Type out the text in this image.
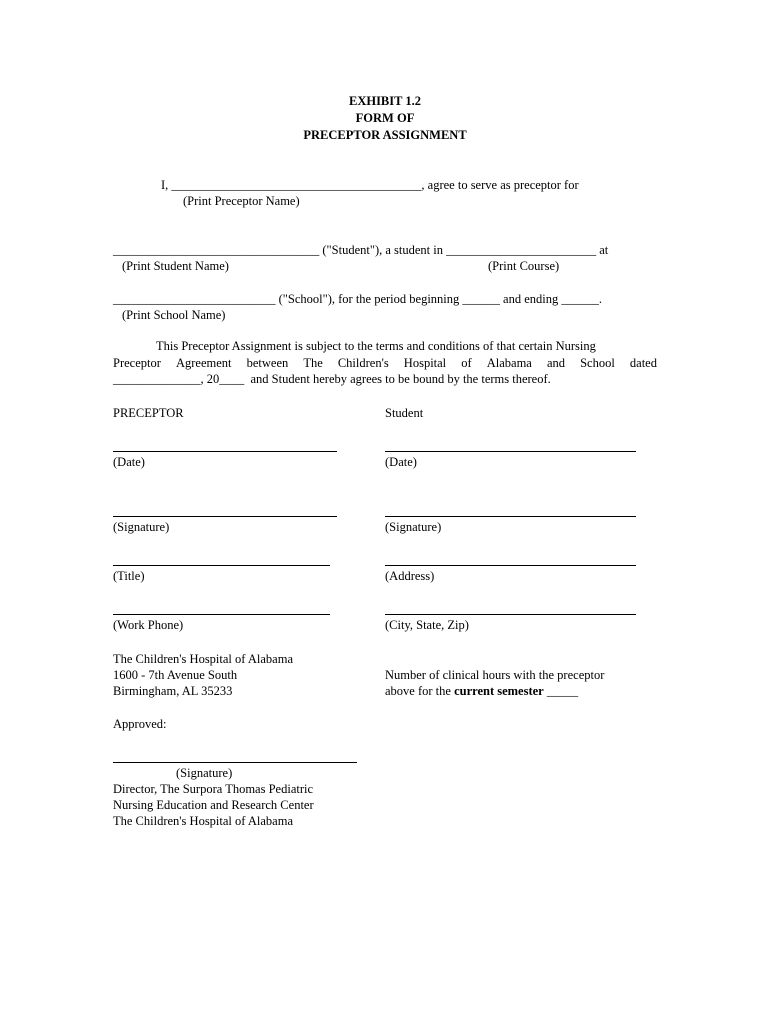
EXHIBIT 1.2
FORM OF
PRECEPTOR ASSIGNMENT
I, ________________________________________, agree to serve as preceptor for
(Print Preceptor Name)
_________________________________ ("Student"), a student in ________________________ at
(Print Student Name)	(Print Course)
__________________________ ("School"), for the period beginning ______ and ending ______.
(Print School Name)
This Preceptor Assignment is subject to the terms and conditions of that certain Nursing
Preceptor Agreement between The Children's Hospital of Alabama and School dated
______________, 20____  and Student hereby agrees to be bound by the terms thereof.
PRECEPTOR	Student
(Date)
(Signature)
(Title)
(Work Phone)
(Date)
(Signature)
(Address)
(City, State, Zip)
The Children's Hospital of Alabama
1600 - 7th Avenue South
Birmingham, AL 35233
Number of clinical hours with the preceptor
above for the current semester _____
Approved:
(Signature)
Director, The Surpora Thomas Pediatric
Nursing Education and Research Center
The Children's Hospital of Alabama
